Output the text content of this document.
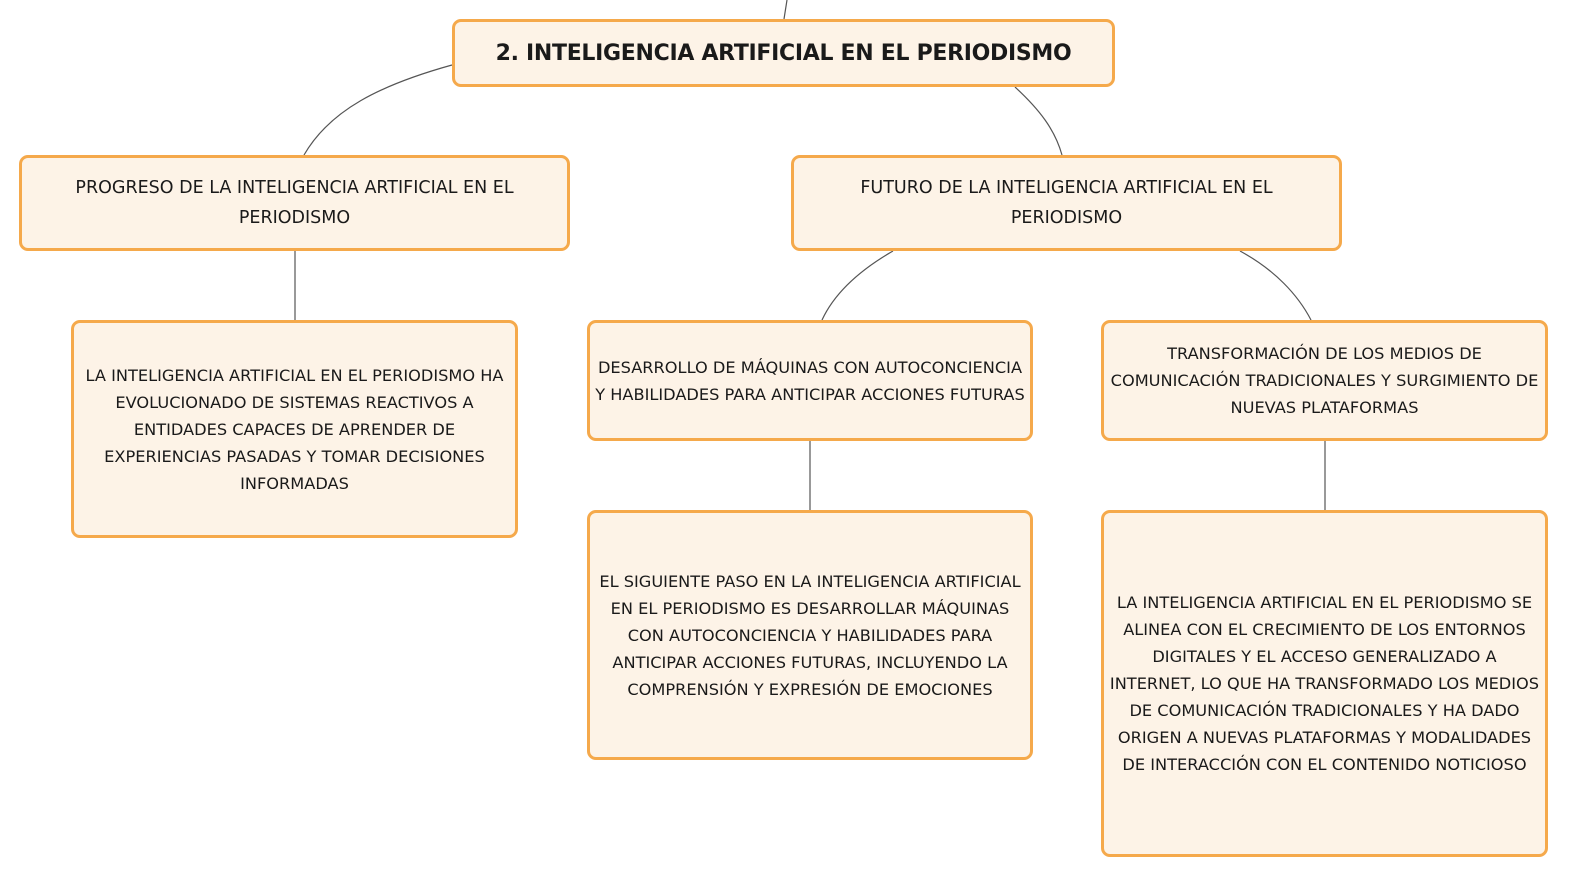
2. INTELIGENCIA ARTIFICIAL EN EL PERIODISMO
PROGRESO DE LA INTELIGENCIA ARTIFICIAL EN EL PERIODISMO
FUTURO DE LA INTELIGENCIA ARTIFICIAL EN EL PERIODISMO
LA INTELIGENCIA ARTIFICIAL EN EL PERIODISMO HA EVOLUCIONADO DE SISTEMAS REACTIVOS A ENTIDADES CAPACES DE APRENDER DE EXPERIENCIAS PASADAS Y TOMAR DECISIONES INFORMADAS
DESARROLLO DE MÁQUINAS CON AUTOCONCIENCIA Y HABILIDADES PARA ANTICIPAR ACCIONES FUTURAS
TRANSFORMACIÓN DE LOS MEDIOS DE COMUNICACIÓN TRADICIONALES Y SURGIMIENTO DE NUEVAS PLATAFORMAS
EL SIGUIENTE PASO EN LA INTELIGENCIA ARTIFICIAL EN EL PERIODISMO ES DESARROLLAR MÁQUINAS CON AUTOCONCIENCIA Y HABILIDADES PARA ANTICIPAR ACCIONES FUTURAS, INCLUYENDO LA COMPRENSIÓN Y EXPRESIÓN DE EMOCIONES
LA INTELIGENCIA ARTIFICIAL EN EL PERIODISMO SE ALINEA CON EL CRECIMIENTO DE LOS ENTORNOS DIGITALES Y EL ACCESO GENERALIZADO A INTERNET, LO QUE HA TRANSFORMADO LOS MEDIOS DE COMUNICACIÓN TRADICIONALES Y HA DADO ORIGEN A NUEVAS PLATAFORMAS Y MODALIDADES DE INTERACCIÓN CON EL CONTENIDO NOTICIOSO
